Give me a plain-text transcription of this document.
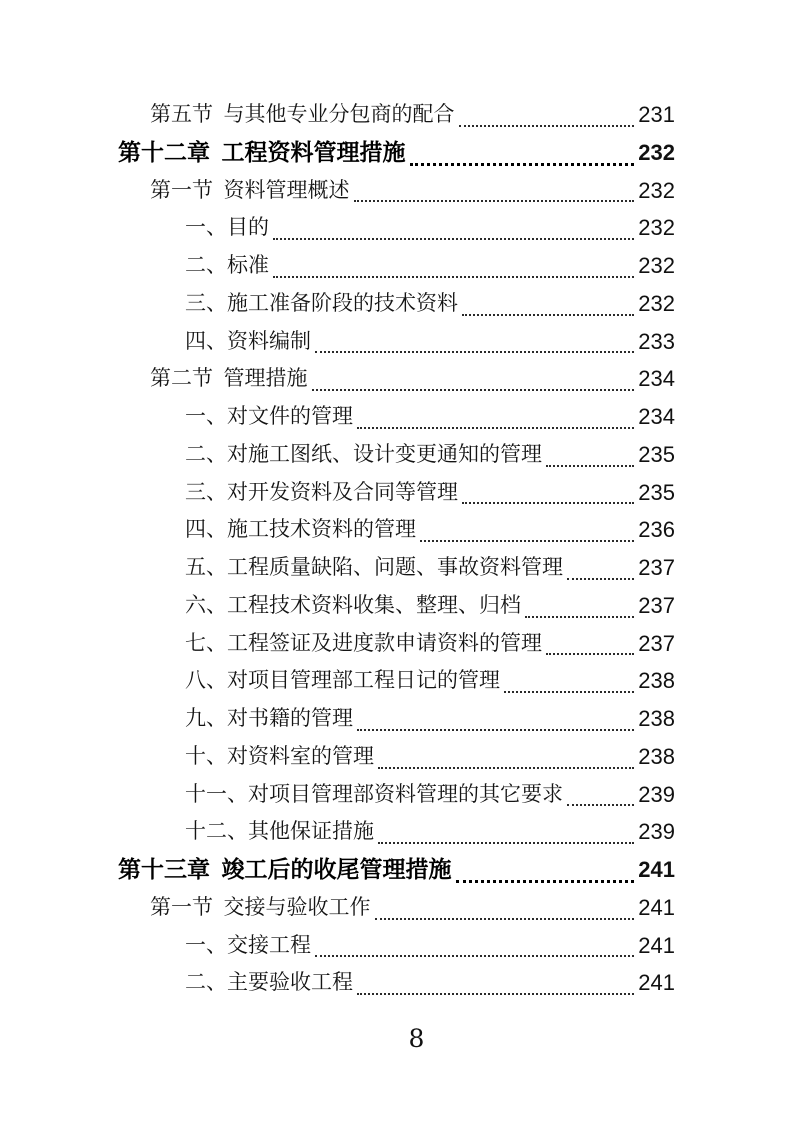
第五节 与其他专业分包商的配合	231
第十二章 工程资料管理措施	232
第一节 资料管理概述	232
一、目的	232
二、标准	232
三、施工准备阶段的技术资料	232
四、资料编制	233
第二节 管理措施	234
一、对文件的管理	234
二、对施工图纸、设计变更通知的管理	235
三、对开发资料及合同等管理	235
四、施工技术资料的管理	236
五、工程质量缺陷、问题、事故资料管理	237
六、工程技术资料收集、整理、归档	237
七、工程签证及进度款申请资料的管理	237
八、对项目管理部工程日记的管理	238
九、对书籍的管理	238
十、对资料室的管理	238
十一、对项目管理部资料管理的其它要求	239
十二、其他保证措施	239
第十三章 竣工后的收尾管理措施	241
第一节 交接与验收工作	241
一、交接工程	241
二、主要验收工程	241
8
